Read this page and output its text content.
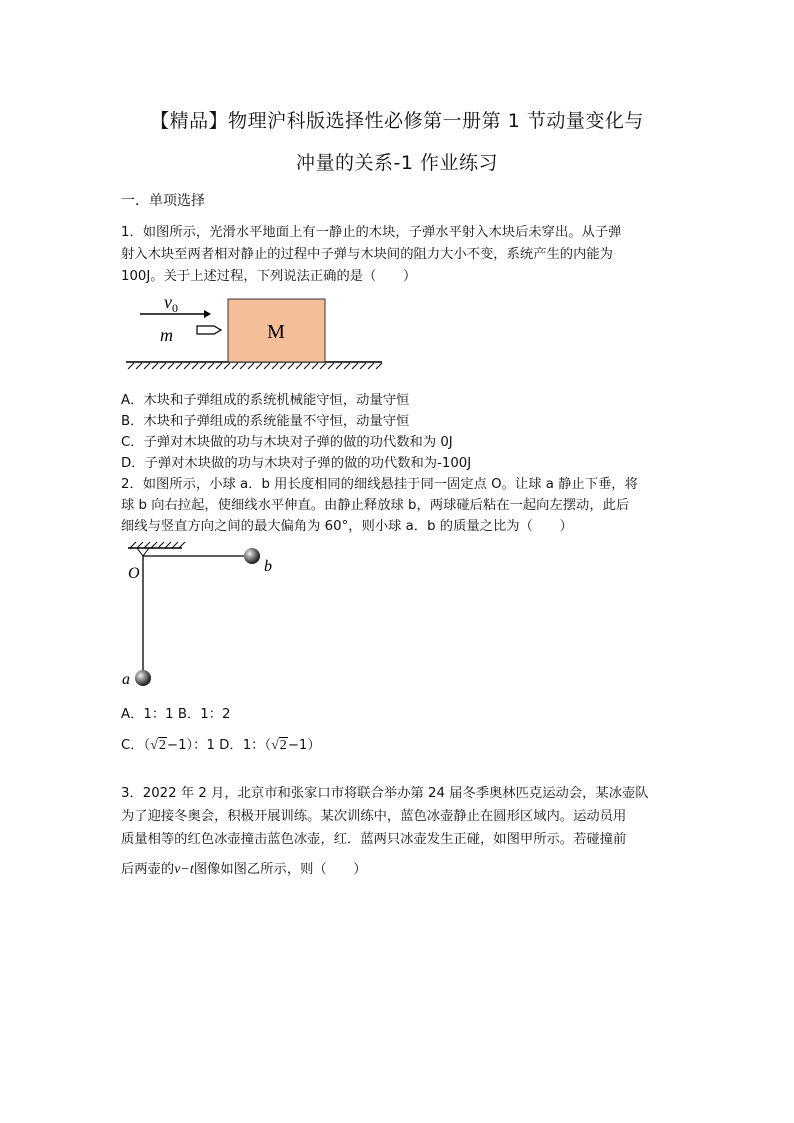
【精品】物理沪科版选择性必修第一册第 1 节动量变化与
冲量的关系-1 作业练习
一．单项选择
1．如图所示，光滑水平地面上有一静止的木块，子弹水平射入木块后未穿出。从子弹
射入木块至两者相对静止的过程中子弹与木块间的阻力大小不变，系统产生的内能为
100J。关于上述过程，下列说法正确的是（　　）
M
$v_0$
m
A．木块和子弹组成的系统机械能守恒，动量守恒
B．木块和子弹组成的系统能量不守恒，动量守恒
C．子弹对木块做的功与木块对子弹的做的功代数和为 0J
D．子弹对木块做的功与木块对子弹的做的功代数和为-100J
2．如图所示，小球 a．b 用长度相同的细线悬挂于同一固定点 O。让球 a 静止下垂，将
球 b 向右拉起，使细线水平伸直。由静止释放球 b，两球碰后粘在一起向左摆动，此后
细线与竖直方向之间的最大偏角为 60°，则小球 a．b 的质量之比为（　　）
O
a
b
A．1：1 B．1：2
C．（√2−1）：1 D．1：（√2−1）
3．2022 年 2 月，北京市和张家口市将联合举办第 24 届冬季奥林匹克运动会，某冰壶队
为了迎接冬奥会，积极开展训练。某次训练中，蓝色冰壶静止在圆形区域内。运动员用
质量相等的红色冰壶撞击蓝色冰壶，红．蓝两只冰壶发生正碰，如图甲所示。若碰撞前
后两壶的v−t图像如图乙所示，则（　　）
